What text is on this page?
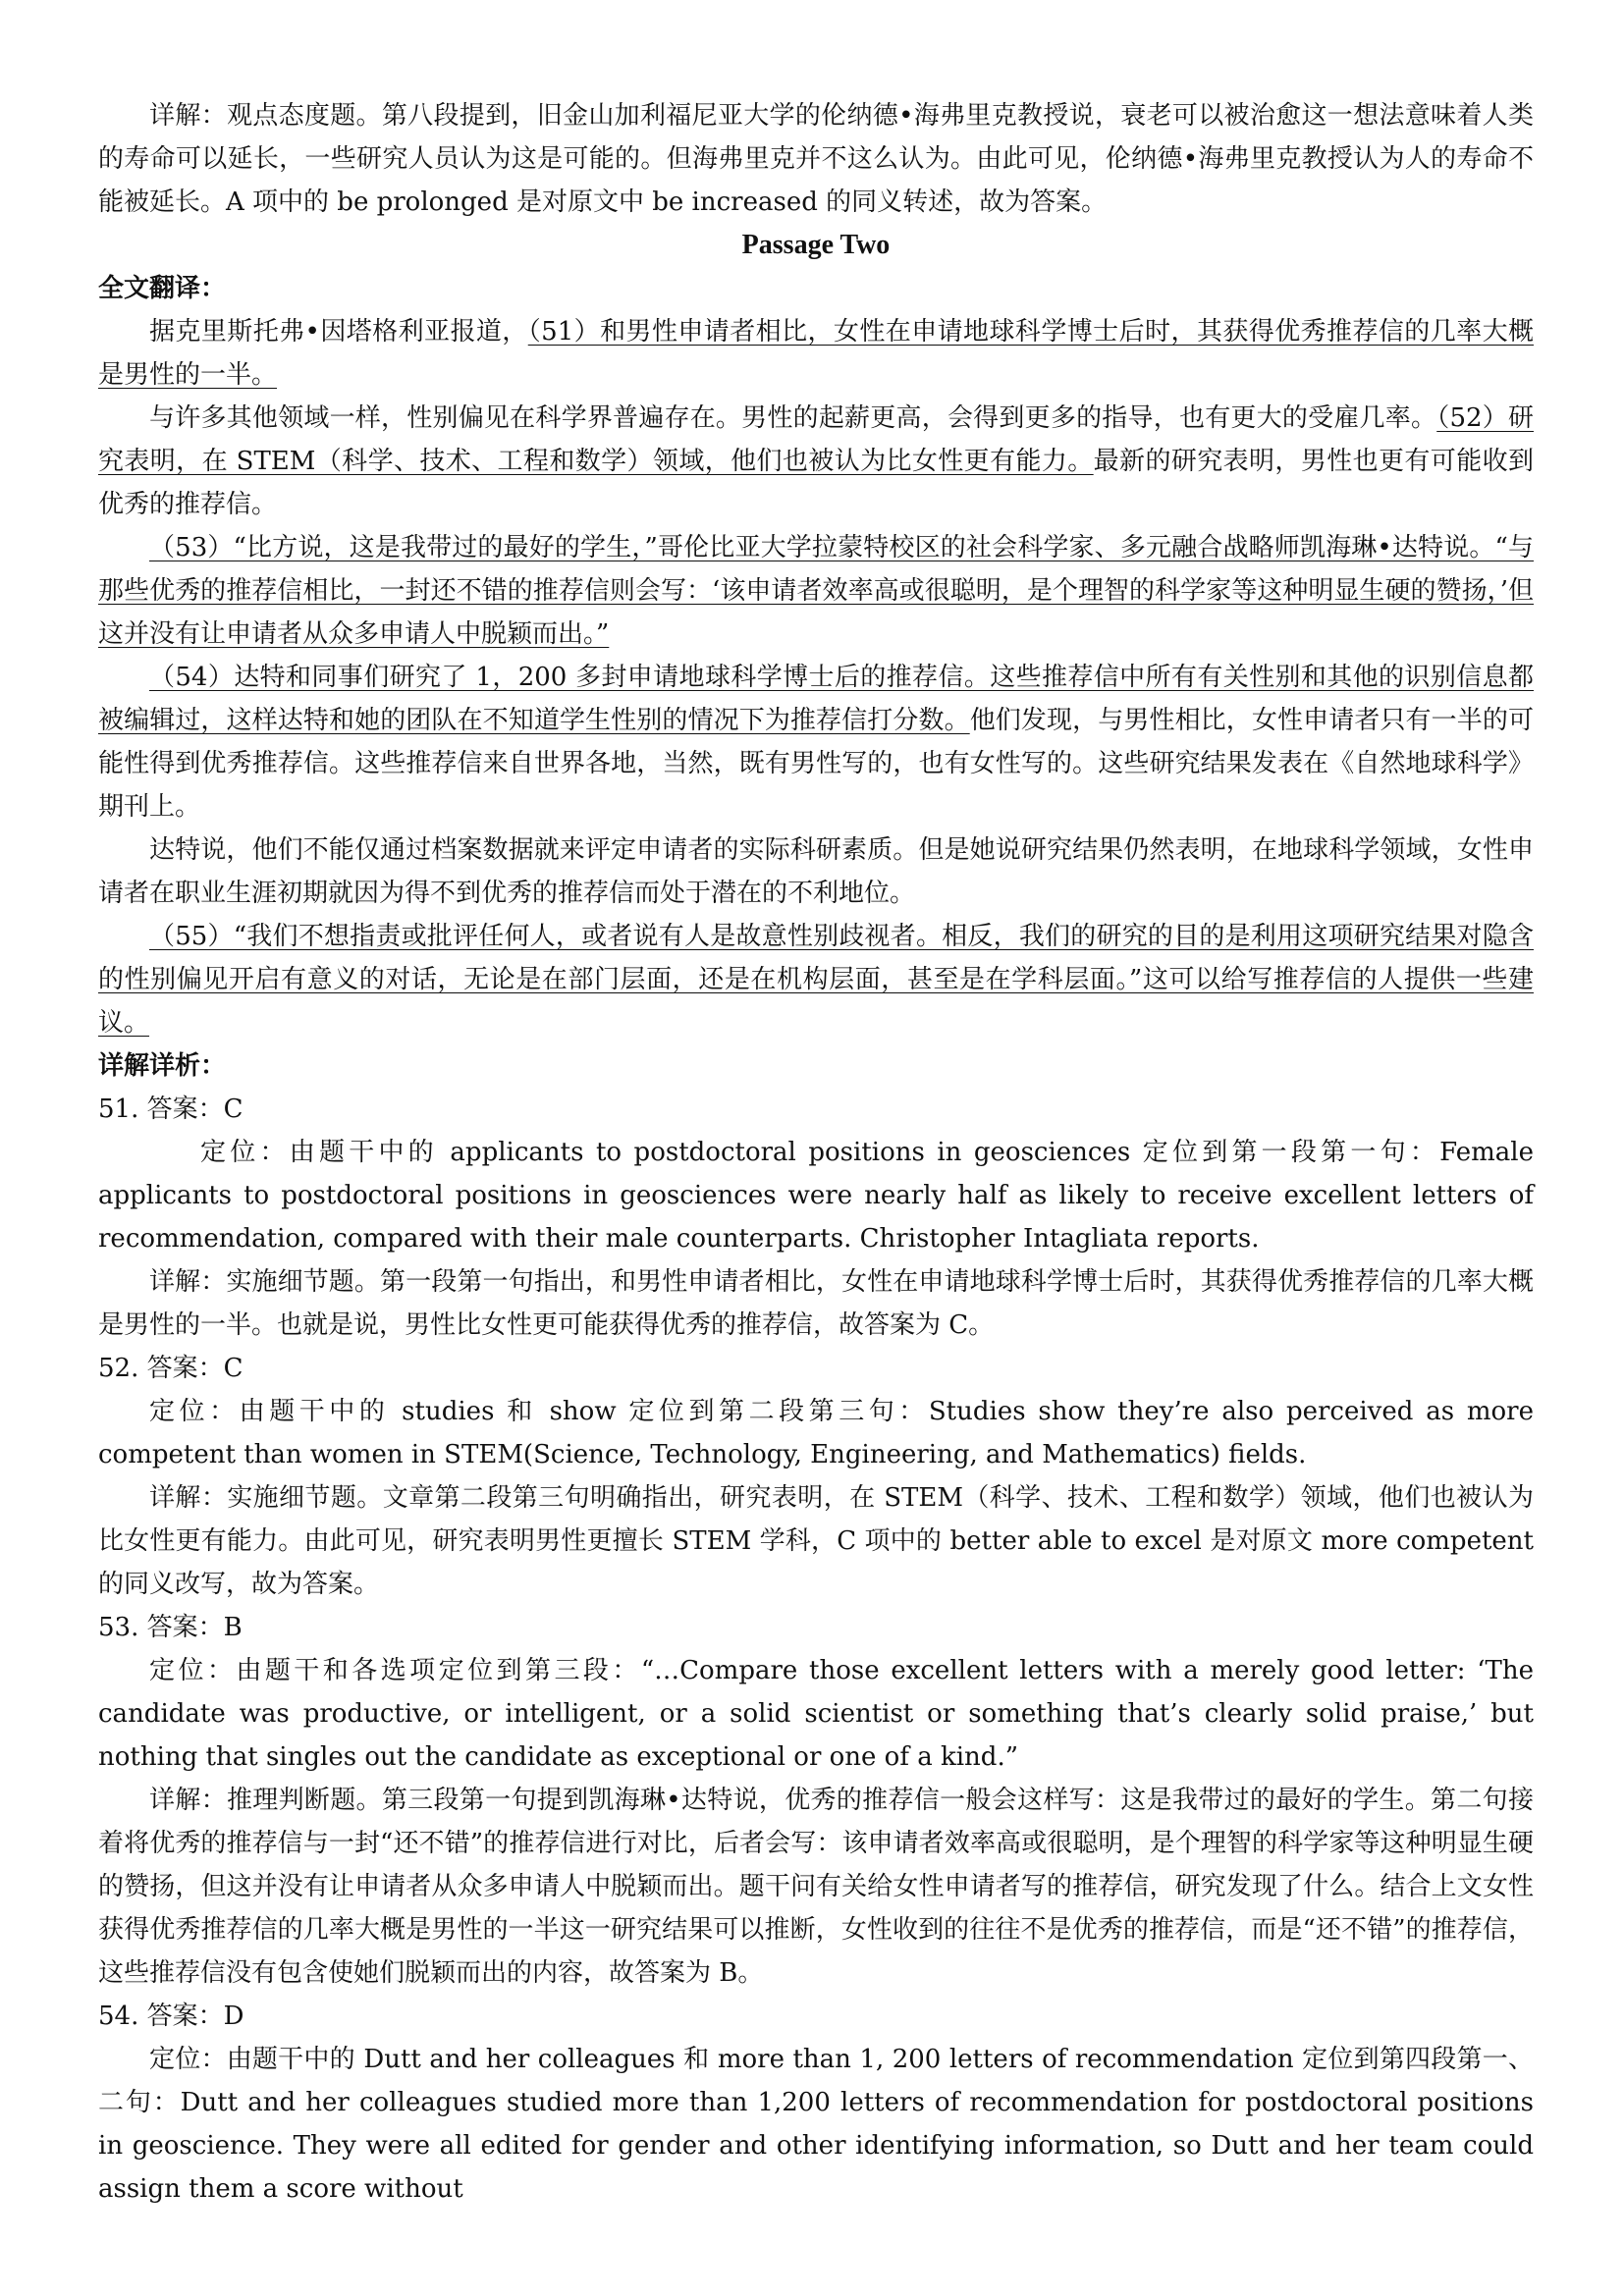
详解：观点态度题。第八段提到，旧金山加利福尼亚大学的伦纳德•海弗里克教授说，衰老可以被治愈这一想法意味着人类的寿命可以延长，一些研究人员认为这是可能的。但海弗里克并不这么认为。由此可见，伦纳德•海弗里克教授认为人的寿命不能被延长。A 项中的 be prolonged 是对原文中 be increased 的同义转述，故为答案。

Passage Two

全文翻译：

据克里斯托弗•因塔格利亚报道，（51）和男性申请者相比，女性在申请地球科学博士后时，其获得优秀推荐信的几率大概是男性的一半。

与许多其他领域一样，性别偏见在科学界普遍存在。男性的起薪更高，会得到更多的指导，也有更大的受雇几率。（52）研究表明，在 STEM（科学、技术、工程和数学）领域，他们也被认为比女性更有能力。最新的研究表明，男性也更有可能收到优秀的推荐信。

（53）“比方说，这是我带过的最好的学生，”哥伦比亚大学拉蒙特校区的社会科学家、多元融合战略师凯海琳•达特说。“与那些优秀的推荐信相比，一封还不错的推荐信则会写：‘该申请者效率高或很聪明，是个理智的科学家等这种明显生硬的赞扬，’但这并没有让申请者从众多申请人中脱颖而出。”

（54）达特和同事们研究了 1，200 多封申请地球科学博士后的推荐信。这些推荐信中所有有关性别和其他的识别信息都被编辑过，这样达特和她的团队在不知道学生性别的情况下为推荐信打分数。他们发现，与男性相比，女性申请者只有一半的可能性得到优秀推荐信。这些推荐信来自世界各地，当然，既有男性写的，也有女性写的。这些研究结果发表在《自然地球科学》期刊上。

达特说，他们不能仅通过档案数据就来评定申请者的实际科研素质。但是她说研究结果仍然表明，在地球科学领域，女性申请者在职业生涯初期就因为得不到优秀的推荐信而处于潜在的不利地位。

（55）“我们不想指责或批评任何人，或者说有人是故意性别歧视者。相反，我们的研究的目的是利用这项研究结果对隐含的性别偏见开启有意义的对话，无论是在部门层面，还是在机构层面，甚至是在学科层面。”这可以给写推荐信的人提供一些建议。

详解详析：

51. 答案：C

定位：由题干中的 applicants to postdoctoral positions in geosciences 定位到第一段第一句：Female applicants to postdoctoral positions in geosciences were nearly half as likely to receive excellent letters of recommendation, compared with their male counterparts. Christopher Intagliata reports.

详解：实施细节题。第一段第一句指出，和男性申请者相比，女性在申请地球科学博士后时，其获得优秀推荐信的几率大概是男性的一半。也就是说，男性比女性更可能获得优秀的推荐信，故答案为 C。

52. 答案：C

定位：由题干中的 studies 和 show 定位到第二段第三句：Studies show they’re also perceived as more competent than women in STEM(Science, Technology, Engineering, and Mathematics) fields.

详解：实施细节题。文章第二段第三句明确指出，研究表明，在 STEM（科学、技术、工程和数学）领域，他们也被认为比女性更有能力。由此可见，研究表明男性更擅长 STEM 学科，C 项中的 better able to excel 是对原文 more competent 的同义改写，故为答案。

53. 答案：B

定位：由题干和各选项定位到第三段：“…Compare those excellent letters with a merely good letter: ‘The candidate was productive, or intelligent, or a solid scientist or something that’s clearly solid praise,’ but nothing that singles out the candidate as exceptional or one of a kind.”

详解：推理判断题。第三段第一句提到凯海琳•达特说，优秀的推荐信一般会这样写：这是我带过的最好的学生。第二句接着将优秀的推荐信与一封“还不错”的推荐信进行对比，后者会写：该申请者效率高或很聪明，是个理智的科学家等这种明显生硬的赞扬，但这并没有让申请者从众多申请人中脱颖而出。题干问有关给女性申请者写的推荐信，研究发现了什么。结合上文女性获得优秀推荐信的几率大概是男性的一半这一研究结果可以推断，女性收到的往往不是优秀的推荐信，而是“还不错”的推荐信，这些推荐信没有包含使她们脱颖而出的内容，故答案为 B。

54. 答案：D

定位：由题干中的 Dutt and her colleagues 和 more than 1, 200 letters of recommendation 定位到第四段第一、二句：Dutt and her colleagues studied more than 1,200 letters of recommendation for postdoctoral positions in geoscience. They were all edited for gender and other identifying information, so Dutt and her team could assign them a score without
